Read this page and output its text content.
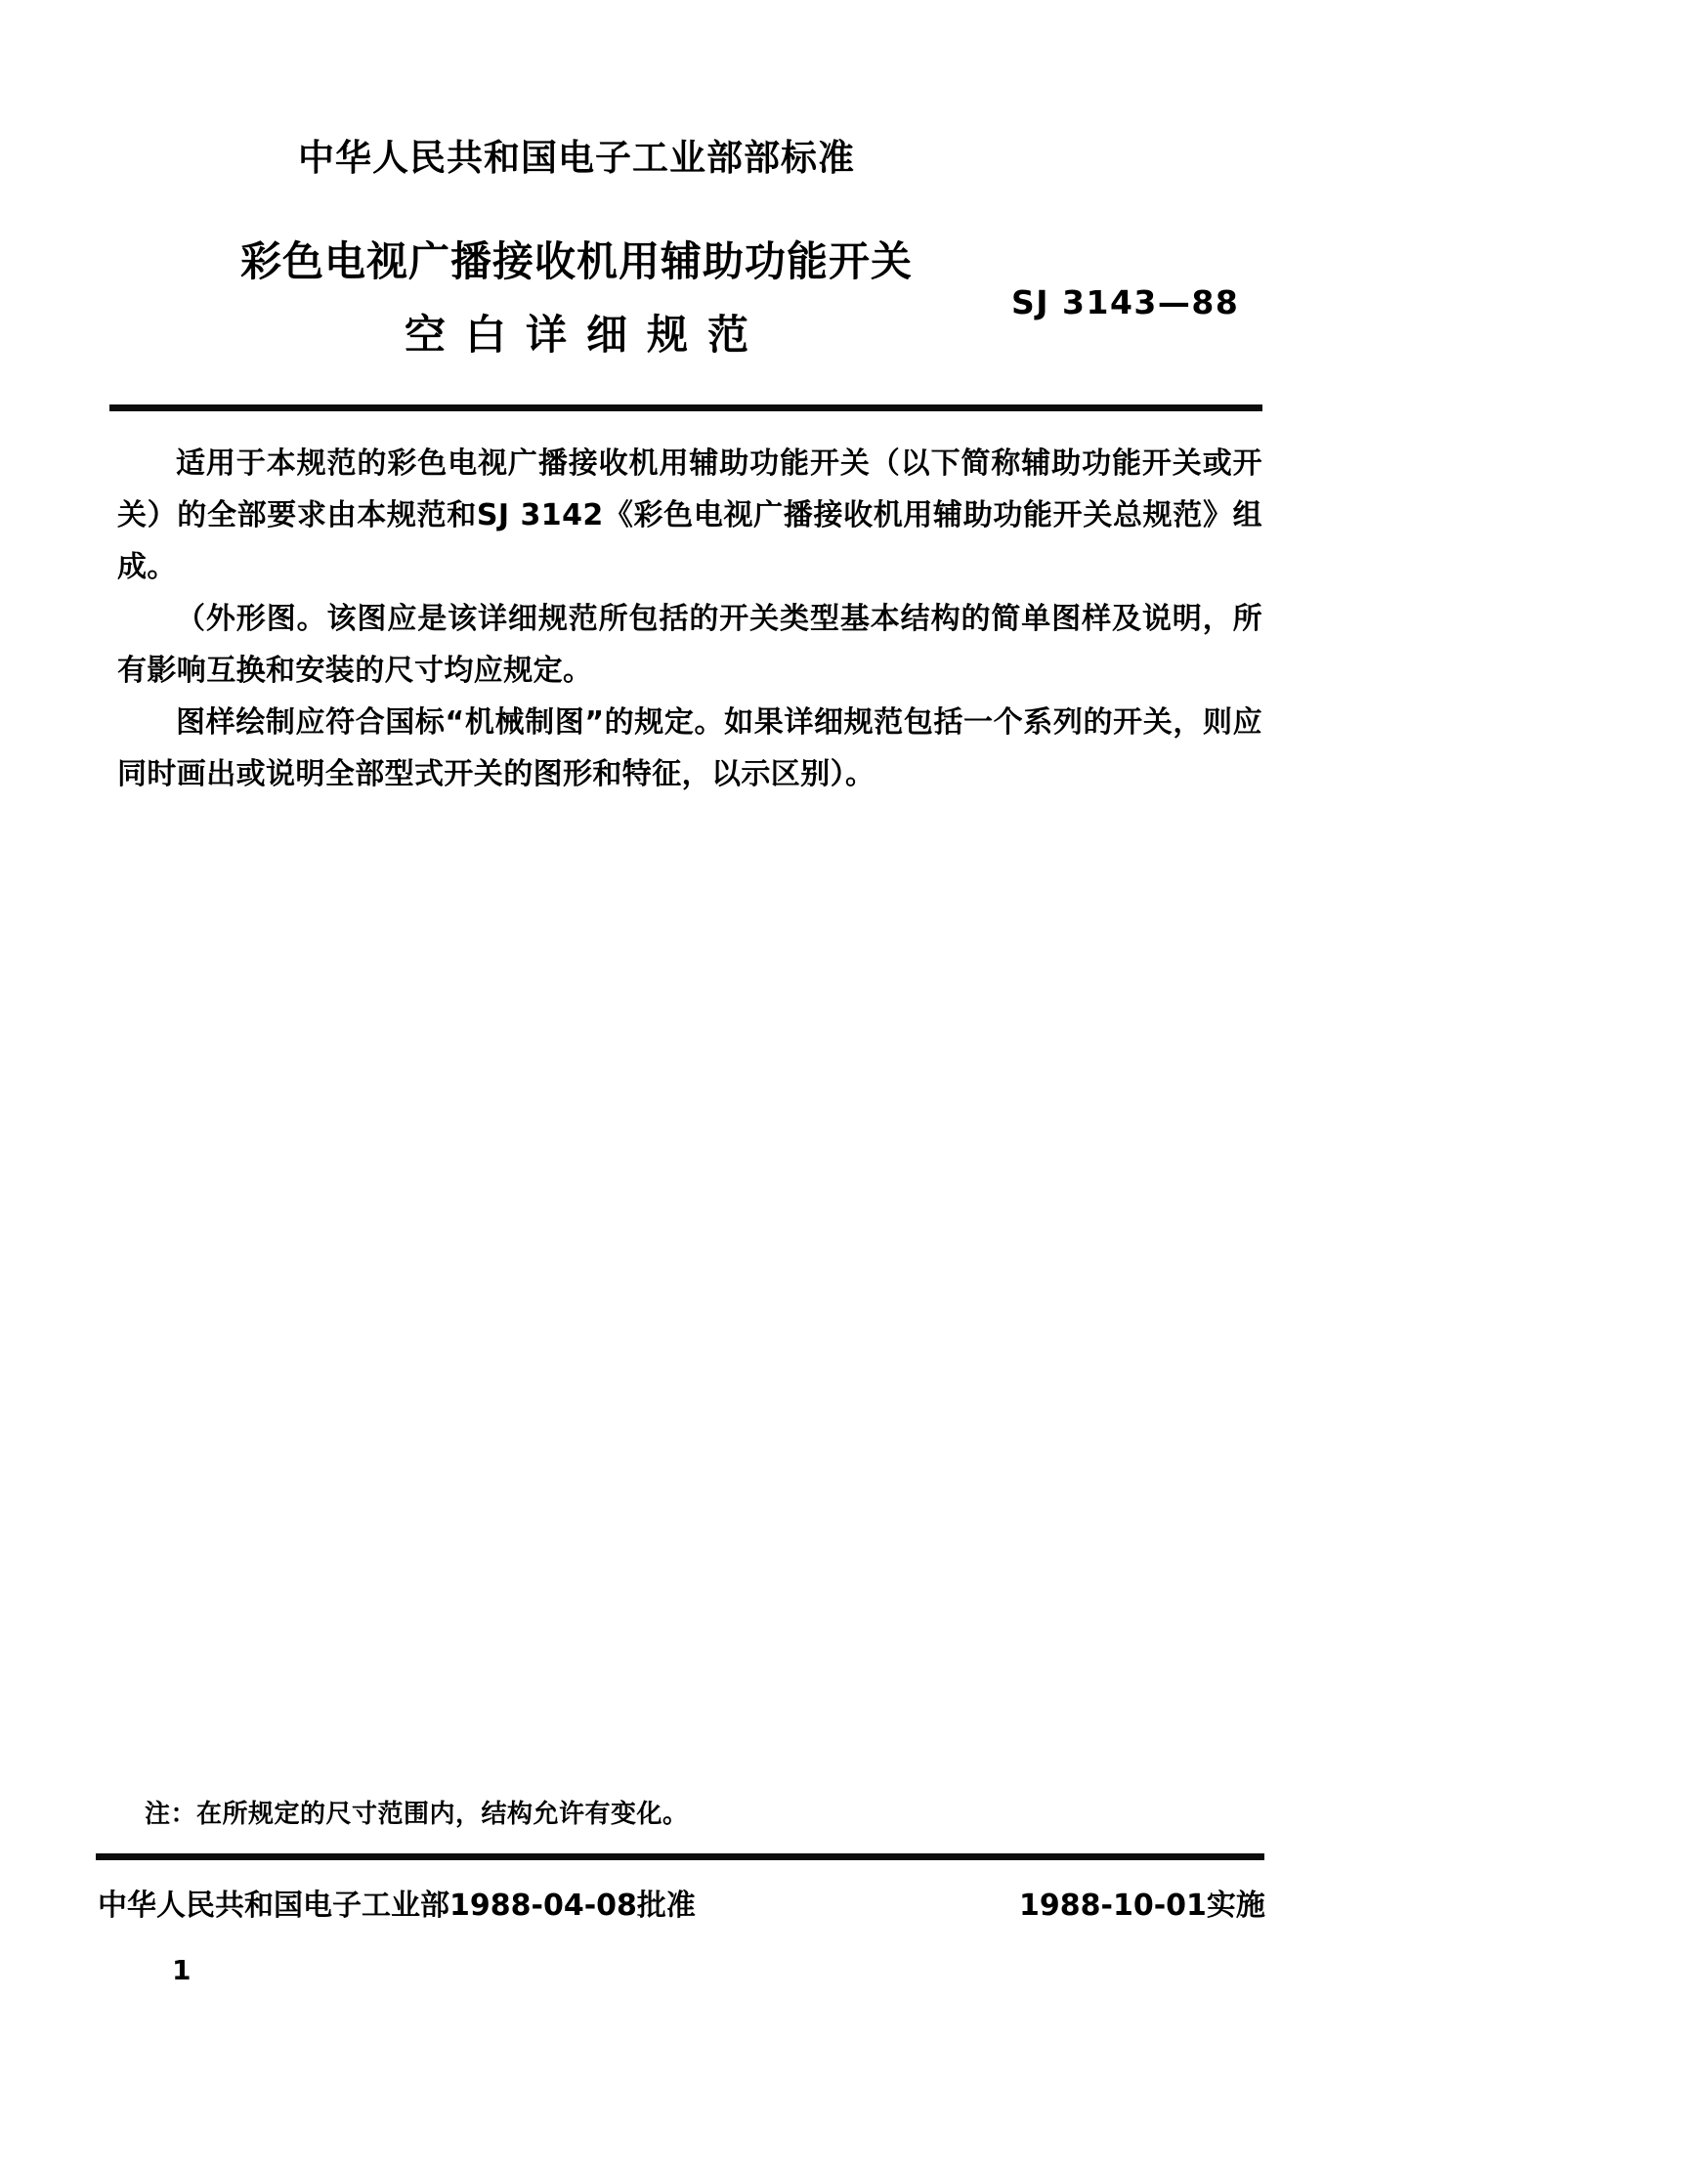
中华人民共和国电子工业部部标准
彩色电视广播接收机用辅助功能开关
空白详细规范
SJ 3143—88

适用于本规范的彩色电视广播接收机用辅助功能开关（以下简称辅助功能开关或开关）的全部要求由本规范和SJ 3142《彩色电视广播接收机用辅助功能开关总规范》组成。

（外形图。该图应是该详细规范所包括的开关类型基本结构的简单图样及说明，所有影响互换和安装的尺寸均应规定。

图样绘制应符合国标“机械制图”的规定。如果详细规范包括一个系列的开关，则应同时画出或说明全部型式开关的图形和特征，以示区别）。

注：在所规定的尺寸范围内，结构允许有变化。
中华人民共和国电子工业部1988-04-08批准	1988-10-01实施
1
